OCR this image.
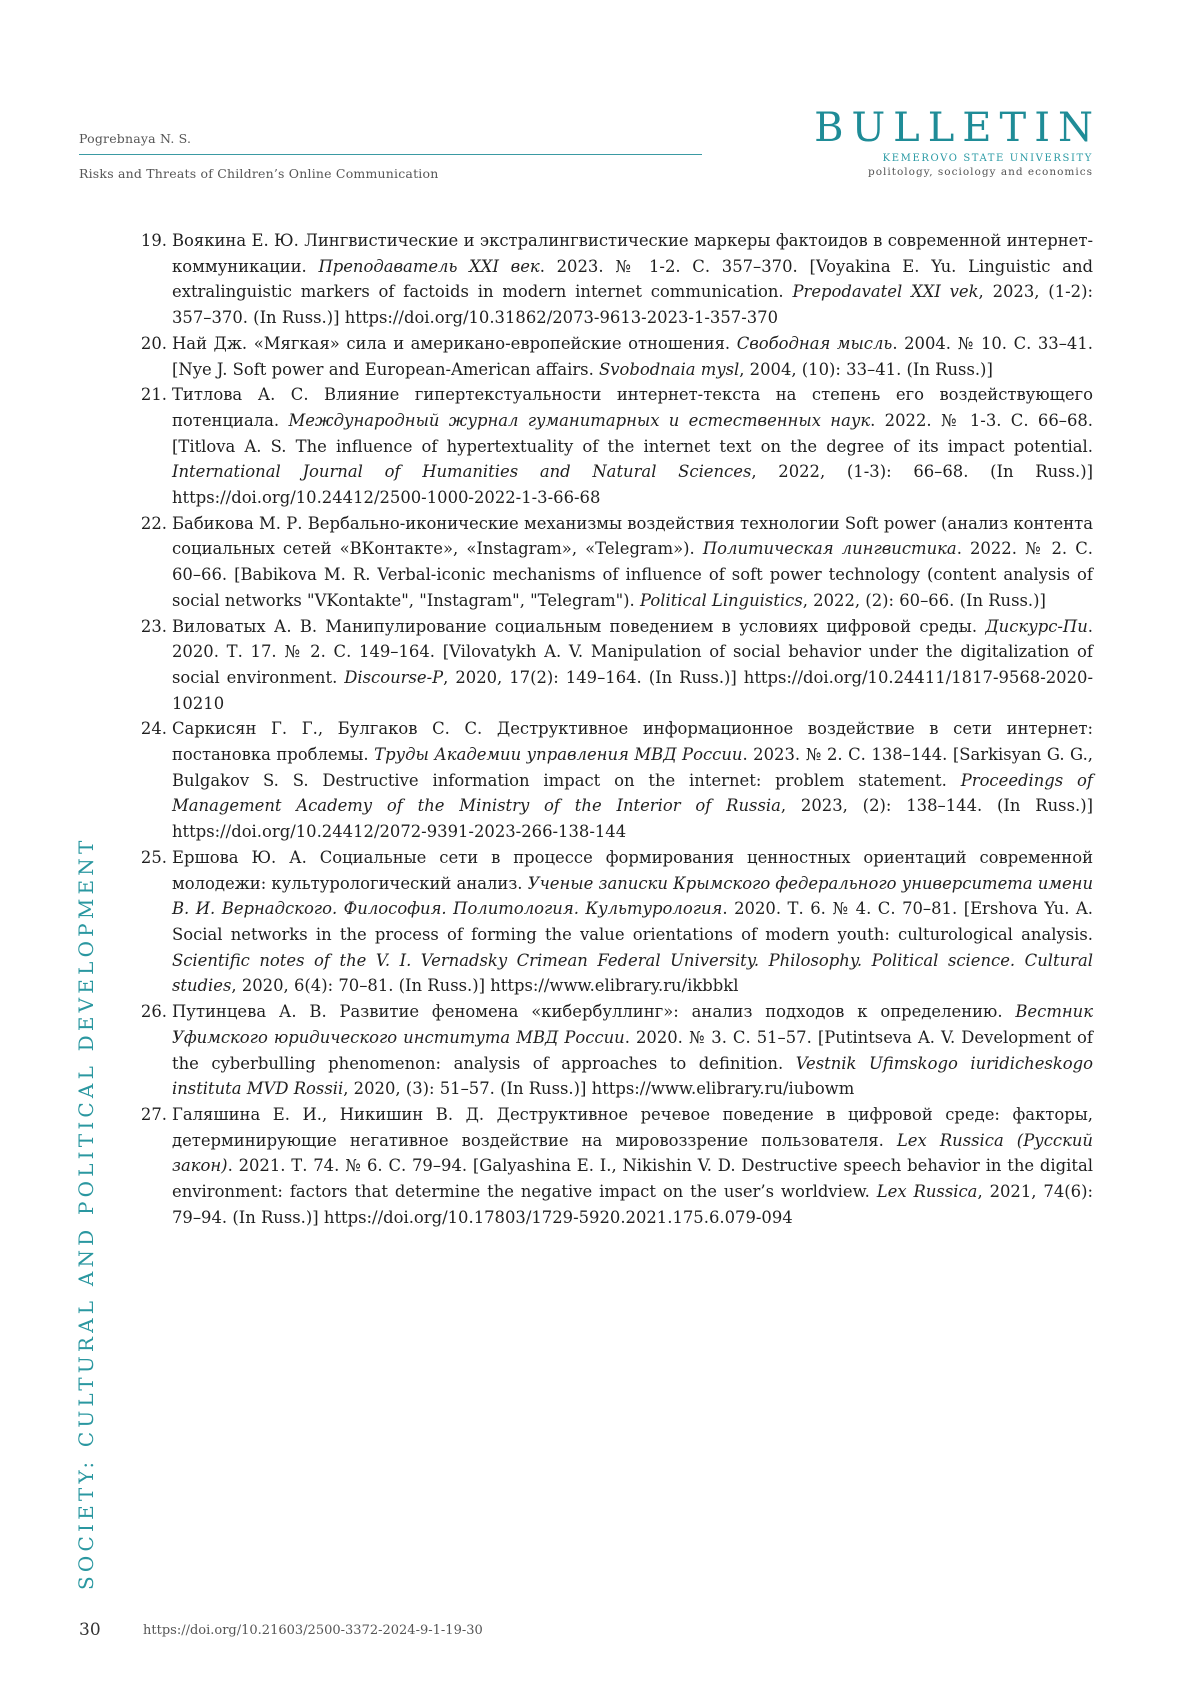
Pogrebnaya N. S.
Risks and Threats of Children’s Online Communication
BULLETIN
KEMEROVO STATE UNIVERSITY
politology, sociology and economics
SOCIETY: CULTURAL AND POLITICAL DEVELOPMENT
19. Воякина Е. Ю. Лингвистические и экстралингвистические маркеры фактоидов в современной интернет-коммуникации. Преподаватель XXI век. 2023. № 1-2. С. 357–370. [Voyakina E. Yu. Linguistic and extralinguistic markers of factoids in modern internet communication. Prepodavatel XXI vek, 2023, (1-2): 357–370. (In Russ.)] https://doi.org/10.31862/2073-9613-2023-1-357-370
20. Най Дж. «Мягкая» сила и американо-европейские отношения. Свободная мысль. 2004. № 10. С. 33–41. [Nye J. Soft power and European-American affairs. Svobodnaia mysl, 2004, (10): 33–41. (In Russ.)]
21. Титлова А. С. Влияние гипертекстуальности интернет-текста на степень его воздействующего потенциала. Международный журнал гуманитарных и естественных наук. 2022. № 1-3. С. 66–68. [Titlova A. S. The influence of hypertextuality of the internet text on the degree of its impact potential. International Journal of Humanities and Natural Sciences, 2022, (1-3): 66–68. (In Russ.)] https://doi.org/10.24412/2500-1000-2022-1-3-66-68
22. Бабикова М. Р. Вербально-иконические механизмы воздействия технологии Soft power (анализ контента социальных сетей «ВКонтакте», «Instagram», «Telegram»). Политическая лингвистика. 2022. № 2. С. 60–66. [Babikova M. R. Verbal-iconic mechanisms of influence of soft power technology (content analysis of social networks "VKontakte", "Instagram", "Telegram"). Political Linguistics, 2022, (2): 60–66. (In Russ.)]
23. Виловатых А. В. Манипулирование социальным поведением в условиях цифровой среды. Дискурс-Пи. 2020. Т. 17. № 2. С. 149–164. [Vilovatykh A. V. Manipulation of social behavior under the digitalization of social environment. Discourse-P, 2020, 17(2): 149–164. (In Russ.)] https://doi.org/10.24411/1817-9568-2020-10210
24. Саркисян Г. Г., Булгаков С. С. Деструктивное информационное воздействие в сети интернет: постановка проблемы. Труды Академии управления МВД России. 2023. № 2. С. 138–144. [Sarkisyan G. G., Bulgakov S. S. Destructive information impact on the internet: problem statement. Proceedings of Management Academy of the Ministry of the Interior of Russia, 2023, (2): 138–144. (In Russ.)] https://doi.org/10.24412/2072-9391-2023-266-138-144
25. Ершова Ю. А. Социальные сети в процессе формирования ценностных ориентаций современной молодежи: культурологический анализ. Ученые записки Крымского федерального университета имени В. И. Вернадского. Философия. Политология. Культурология. 2020. Т. 6. № 4. С. 70–81. [Ershova Yu. A. Social networks in the process of forming the value orientations of modern youth: culturological analysis. Scientific notes of the V. I. Vernadsky Crimean Federal University. Philosophy. Political science. Cultural studies, 2020, 6(4): 70–81. (In Russ.)] https://www.elibrary.ru/ikbbkl
26. Путинцева А. В. Развитие феномена «кибербуллинг»: анализ подходов к определению. Вестник Уфимского юридического института МВД России. 2020. № 3. С. 51–57. [Putintseva A. V. Development of the cyberbulling phenomenon: analysis of approaches to definition. Vestnik Ufimskogo iuridicheskogo instituta MVD Rossii, 2020, (3): 51–57. (In Russ.)] https://www.elibrary.ru/iubowm
27. Галяшина Е. И., Никишин В. Д. Деструктивное речевое поведение в цифровой среде: факторы, детерминирующие негативное воздействие на мировоззрение пользователя. Lex Russica (Русский закон). 2021. Т. 74. № 6. С. 79–94. [Galyashina E. I., Nikishin V. D. Destructive speech behavior in the digital environment: factors that determine the negative impact on the user’s worldview. Lex Russica, 2021, 74(6): 79–94. (In Russ.)] https://doi.org/10.17803/1729-5920.2021.175.6.079-094
30	https://doi.org/10.21603/2500-3372-2024-9-1-19-30
